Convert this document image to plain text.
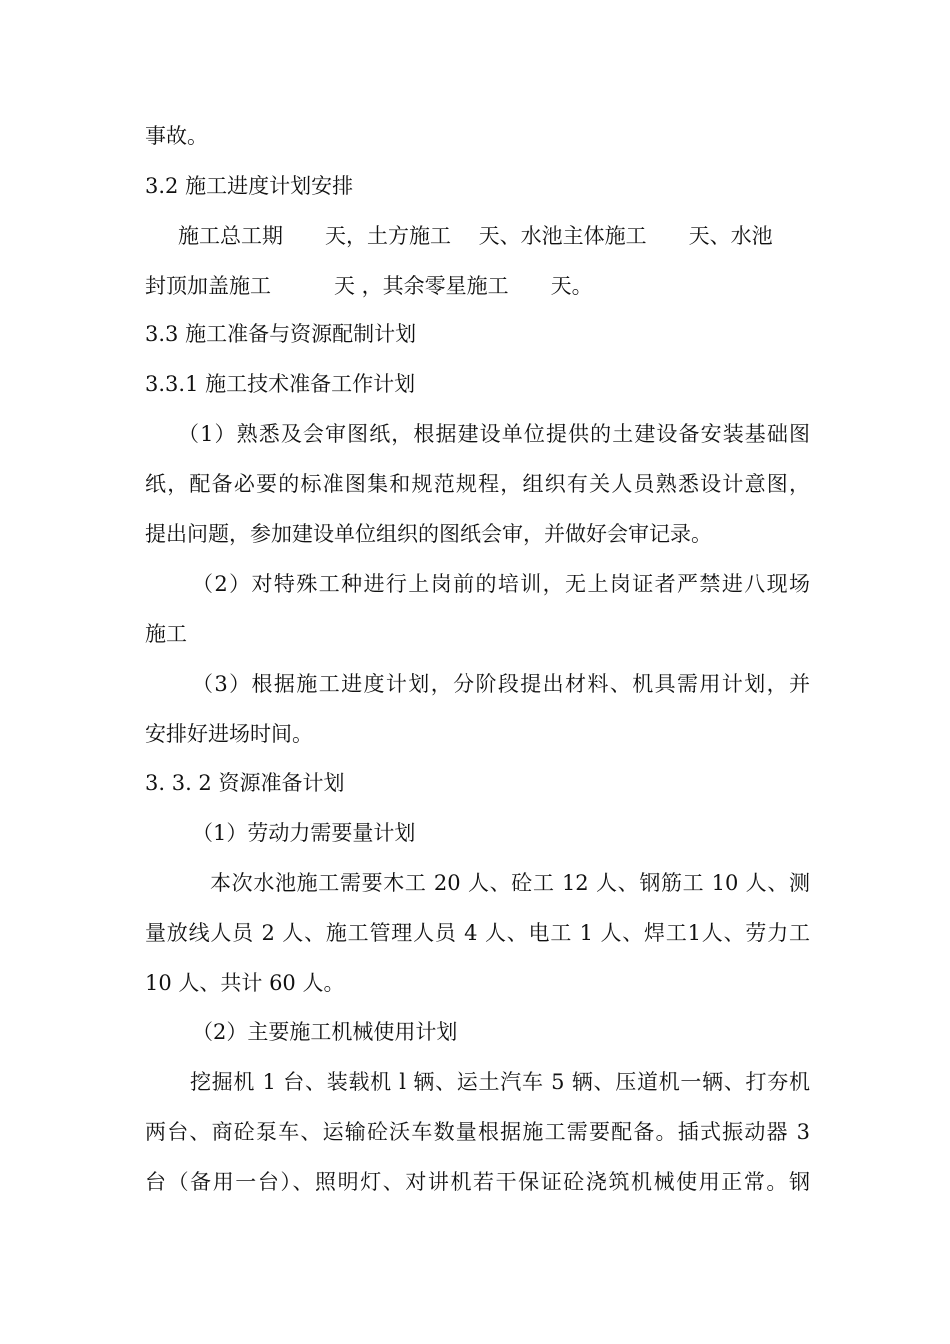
事故。
3.2 施工进度计划安排
施工总工期　　天，土方施工　 天、水池主体施工　　天、水池
封顶加盖施工　　　天 ，其余零星施工　　天。
3.3 施工准备与资源配制计划
3.3.1 施工技术准备工作计划
（1）熟悉及会审图纸，根据建设单位提供的土建设备安装基础图
纸，配备必要的标准图集和规范规程，组织有关人员熟悉设计意图，
提出问题，参加建设单位组织的图纸会审，并做好会审记录。
（2）对特殊工种进行上岗前的培训，无上岗证者严禁进八现场
施工
（3）根据施工进度计划，分阶段提出材料、机具需用计划，并
安排好进场时间。
3. 3. 2 资源准备计划
（1）劳动力需要量计划
本次水池施工需要木工 20 人、砼工 12 人、钢筋工 10 人、测
量放线人员 2 人、施工管理人员 4 人、电工 1 人、焊工1人、劳力工
10 人、共计 60 人。
（2）主要施工机械使用计划
挖掘机 1 台、装载机 l 辆、运土汽车 5 辆、压道机一辆、打夯机
两台、商砼泵车、运输砼沃车数量根据施工需要配备。插式振动器 3
台（备用一台）、照明灯、对讲机若干保证砼浇筑机械使用正常。钢
